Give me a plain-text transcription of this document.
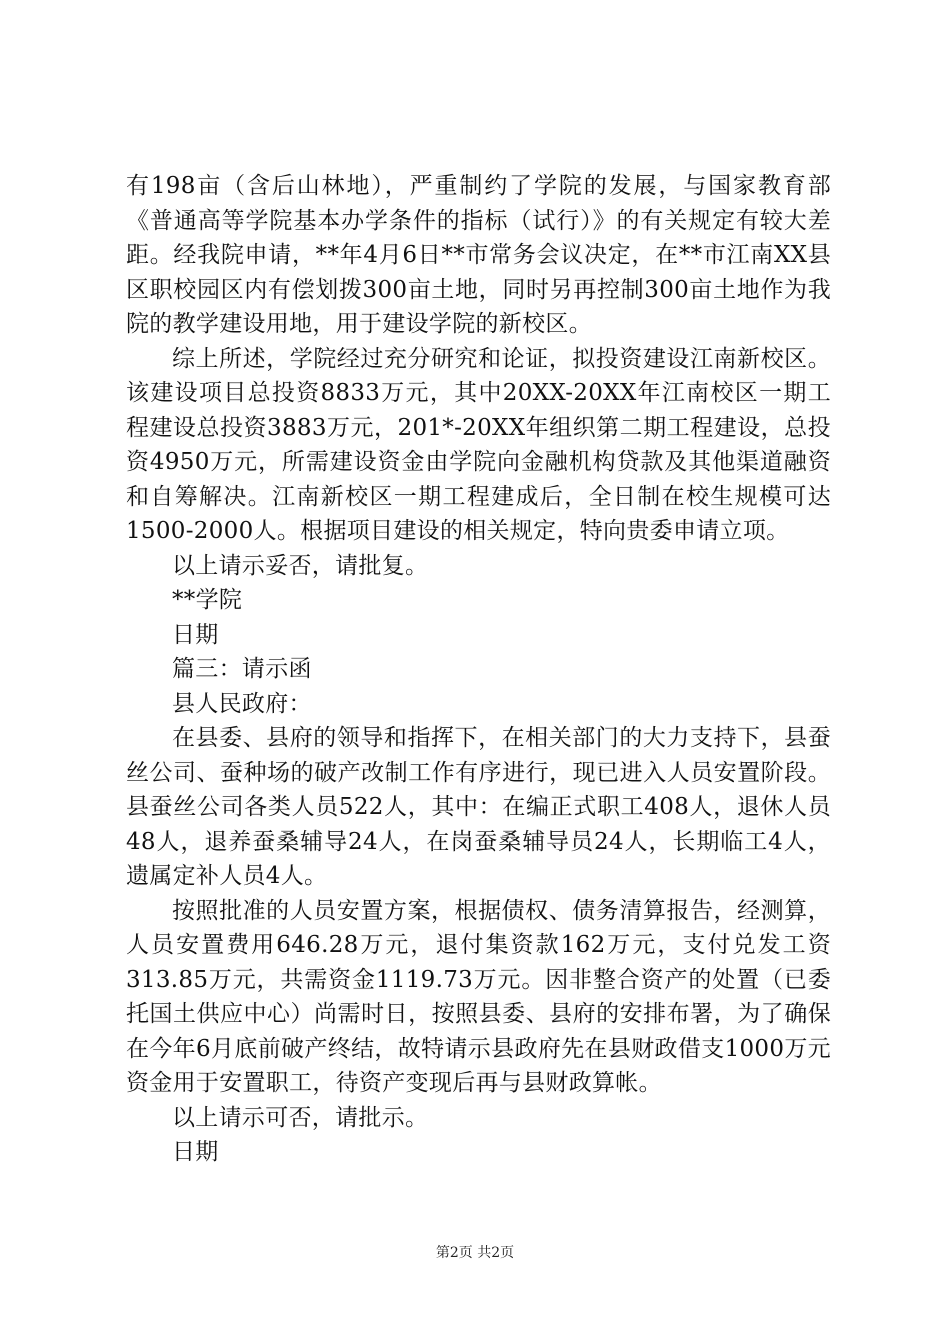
有198亩（含后山林地），严重制约了学院的发展，与国家教育部《普通高等学院基本办学条件的指标（试行）》的有关规定有较大差距。经我院申请，**年4月6日**市常务会议决定，在**市江南XX县区职校园区内有偿划拨300亩土地，同时另再控制300亩土地作为我院的教学建设用地，用于建设学院的新校区。

综上所述，学院经过充分研究和论证，拟投资建设江南新校区。该建设项目总投资8833万元，其中20XX-20XX年江南校区一期工程建设总投资3883万元，201*-20XX年组织第二期工程建设，总投资4950万元，所需建设资金由学院向金融机构贷款及其他渠道融资和自筹解决。江南新校区一期工程建成后，全日制在校生规模可达1500-2000人。根据项目建设的相关规定，特向贵委申请立项。

以上请示妥否，请批复。

**学院

日期

篇三：请示函

县人民政府：

在县委、县府的领导和指挥下，在相关部门的大力支持下，县蚕丝公司、蚕种场的破产改制工作有序进行，现已进入人员安置阶段。县蚕丝公司各类人员522人，其中：在编正式职工408人，退休人员48人，退养蚕桑辅导24人，在岗蚕桑辅导员24人，长期临工4人，遗属定补人员4人。

按照批准的人员安置方案，根据债权、债务清算报告，经测算，人员安置费用646.28万元，退付集资款162万元，支付兑发工资313.85万元，共需资金1119.73万元。因非整合资产的处置（已委托国土供应中心）尚需时日，按照县委、县府的安排布署，为了确保在今年6月底前破产终结，故特请示县政府先在县财政借支1000万元资金用于安置职工，待资产变现后再与县财政算帐。

以上请示可否，请批示。

日期

第2页 共2页
